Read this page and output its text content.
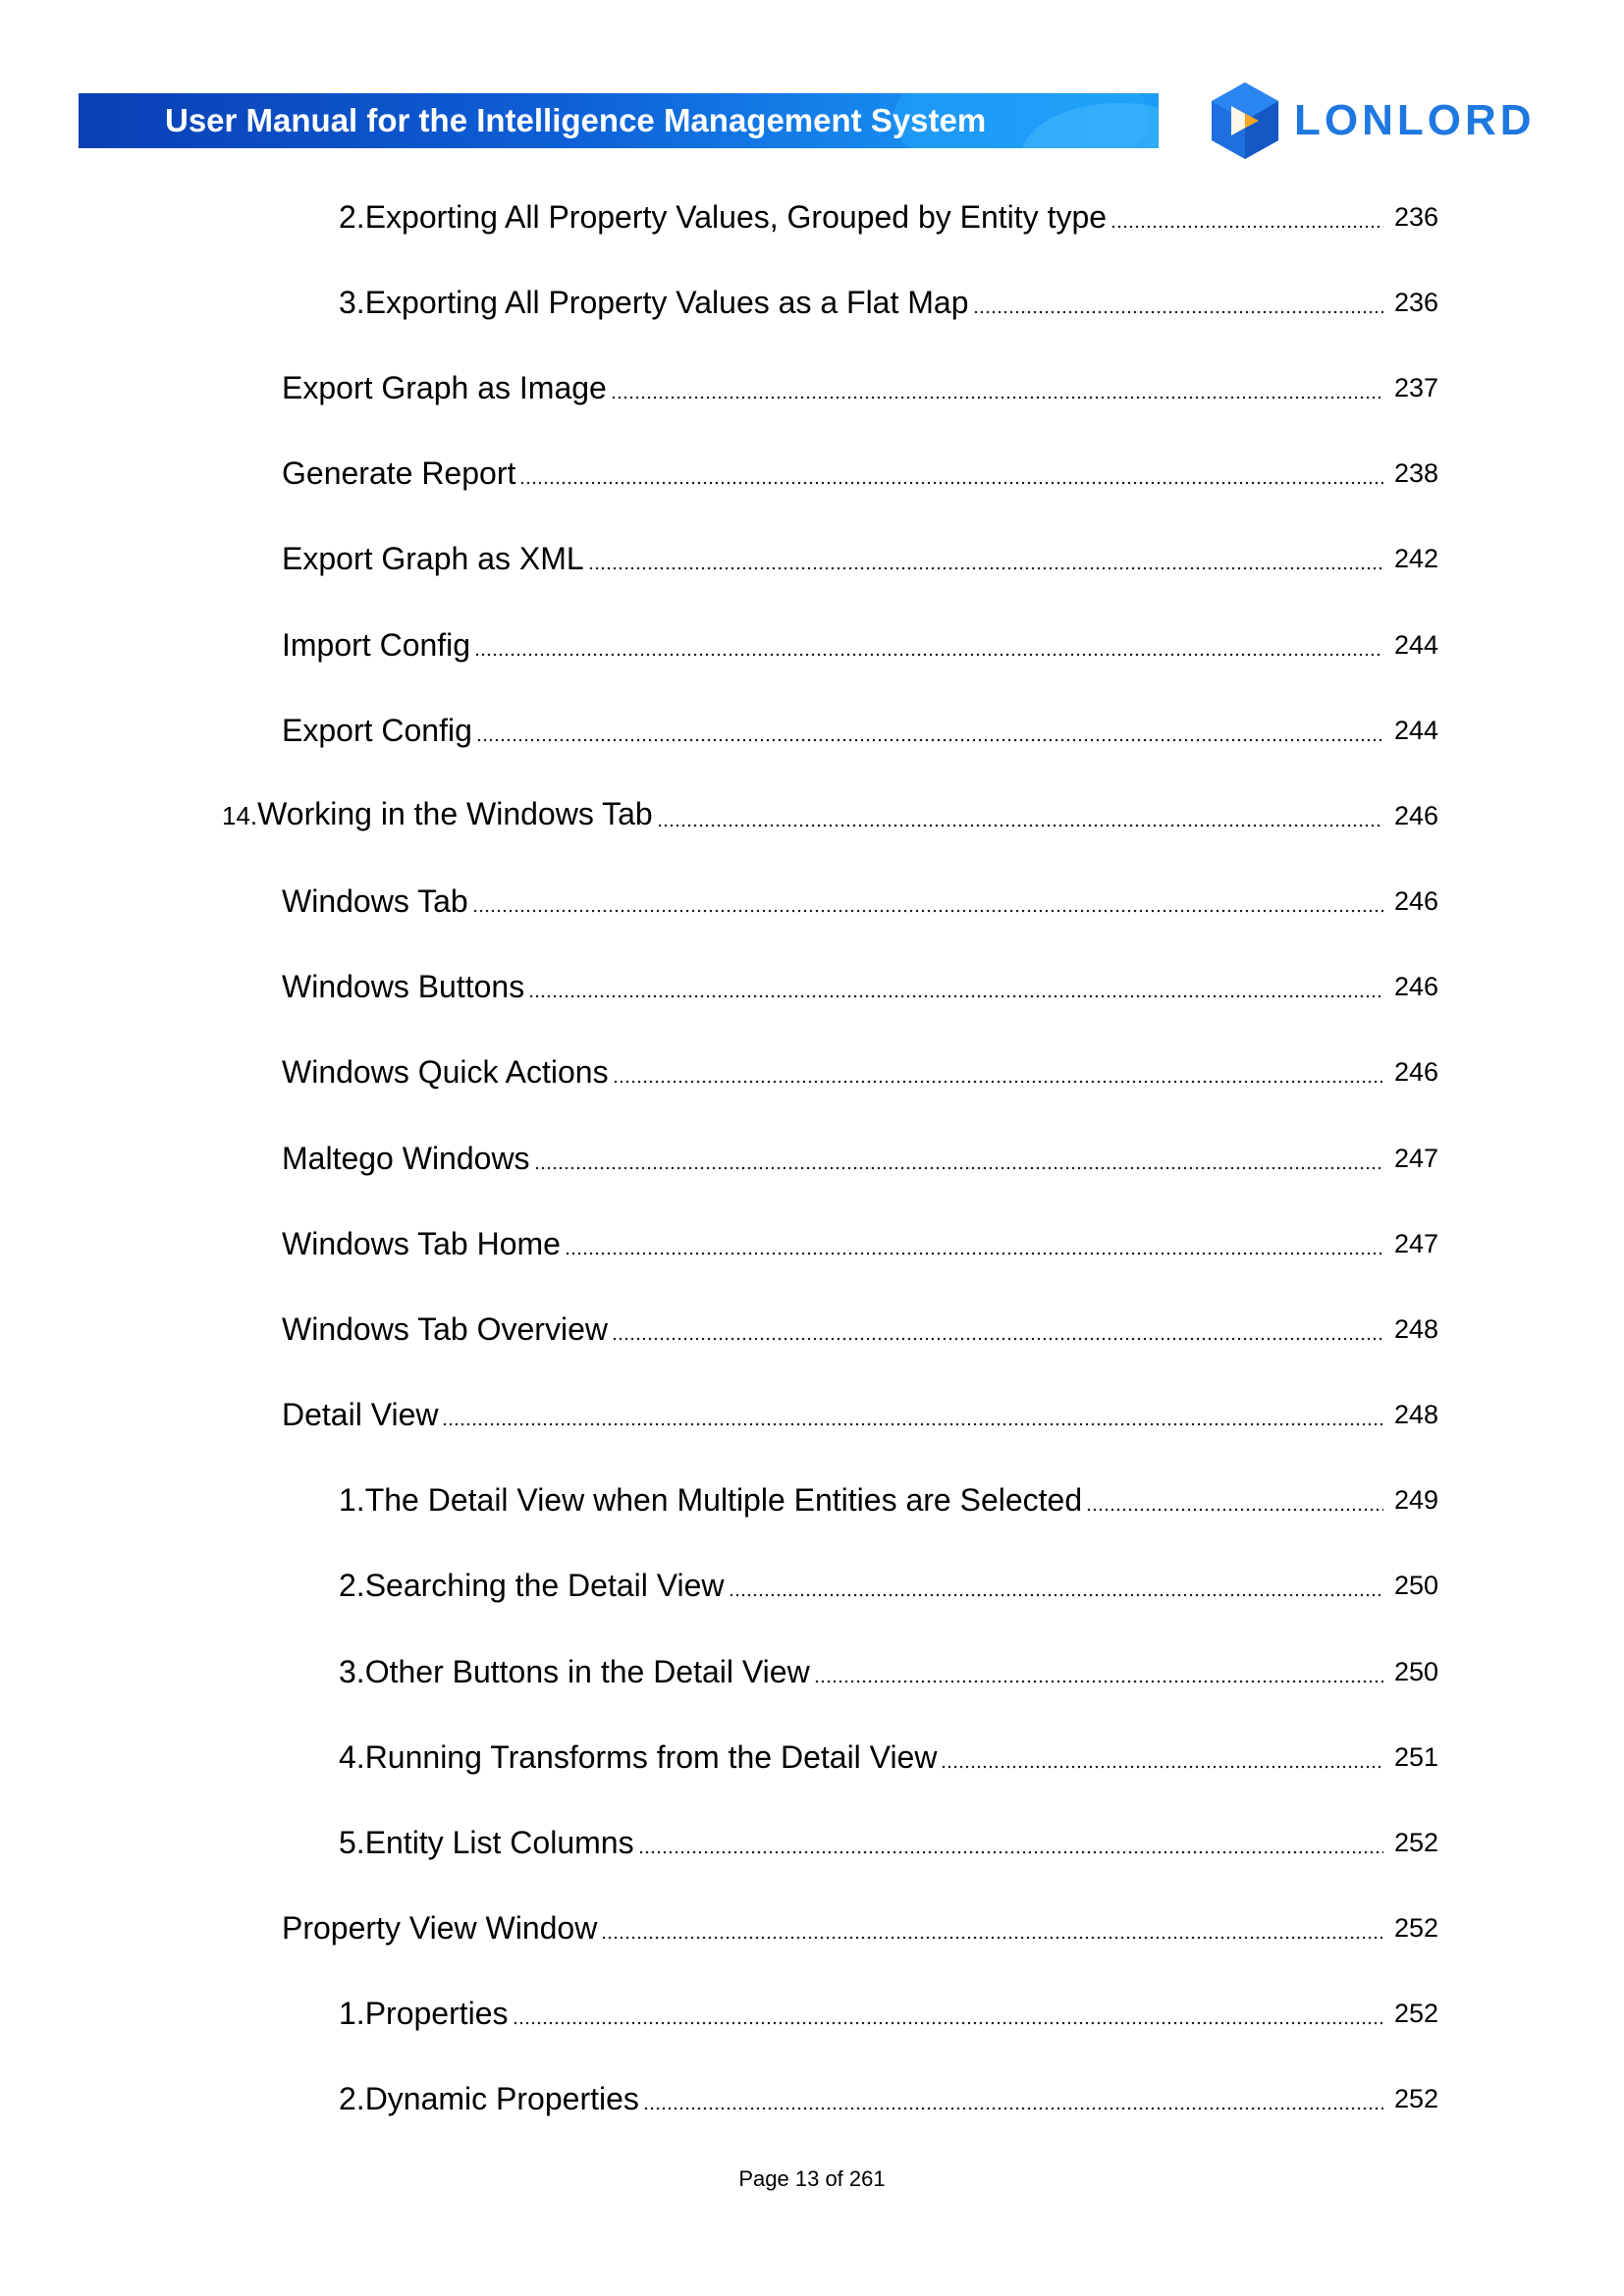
User Manual for the Intelligence Management System	LONLORD
2.Exporting All Property Values, Grouped by Entity type	236
3.Exporting All Property Values as a Flat Map	236
Export Graph as Image	237
Generate Report	238
Export Graph as XML	242
Import Config	244
Export Config	244
14.Working in the Windows Tab	246
Windows Tab	246
Windows Buttons	246
Windows Quick Actions	246
Maltego Windows	247
Windows Tab Home	247
Windows Tab Overview	248
Detail View	248
1.The Detail View when Multiple Entities are Selected	249
2.Searching the Detail View	250
3.Other Buttons in the Detail View	250
4.Running Transforms from the Detail View	251
5.Entity List Columns	252
Property View Window	252
1.Properties	252
2.Dynamic Properties	252
Page 13 of 261
